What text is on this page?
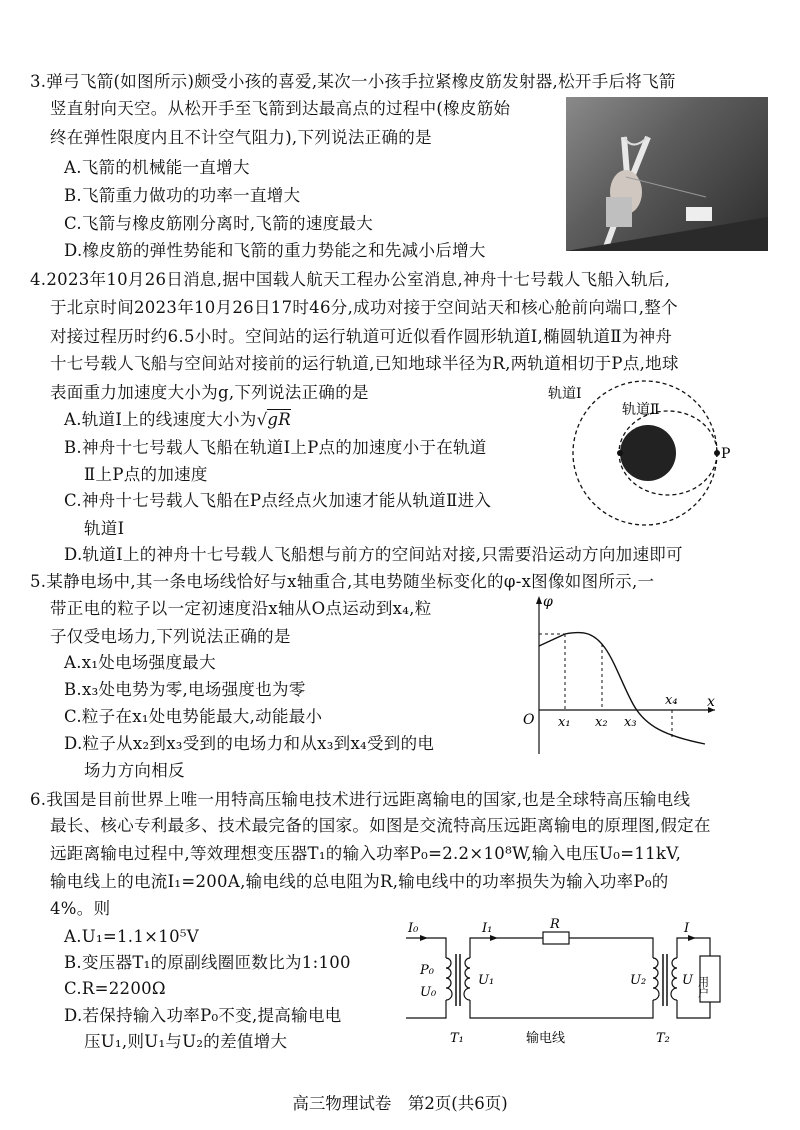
3.弹弓飞箭(如图所示)颇受小孩的喜爱,某次一小孩手拉紧橡皮筋发射器,松开手后将飞箭
竖直射向天空。从松开手至飞箭到达最高点的过程中(橡皮筋始
终在弹性限度内且不计空气阻力),下列说法正确的是
A.飞箭的机械能一直增大
B.飞箭重力做功的功率一直增大
C.飞箭与橡皮筋刚分离时,飞箭的速度最大
D.橡皮筋的弹性势能和飞箭的重力势能之和先减小后增大
4.2023年10月26日消息,据中国载人航天工程办公室消息,神舟十七号载人飞船入轨后,
于北京时间2023年10月26日17时46分,成功对接于空间站天和核心舱前向端口,整个
对接过程历时约6.5小时。空间站的运行轨道可近似看作圆形轨道Ⅰ,椭圆轨道Ⅱ为神舟
十七号载人飞船与空间站对接前的运行轨道,已知地球半径为R,两轨道相切于P点,地球
表面重力加速度大小为g,下列说法正确的是
A.轨道Ⅰ上的线速度大小为√gR
B.神舟十七号载人飞船在轨道Ⅰ上P点的加速度小于在轨道
Ⅱ上P点的加速度
C.神舟十七号载人飞船在P点经点火加速才能从轨道Ⅱ进入
轨道Ⅰ
D.轨道Ⅰ上的神舟十七号载人飞船想与前方的空间站对接,只需要沿运动方向加速即可
轨道Ⅰ
轨道Ⅱ
P
5.某静电场中,其一条电场线恰好与x轴重合,其电势随坐标变化的φ-x图像如图所示,一
带正电的粒子以一定初速度沿x轴从O点运动到x₄,粒
子仅受电场力,下列说法正确的是
A.x₁处电场强度最大
B.x₃处电势为零,电场强度也为零
C.粒子在x₁处电势能最大,动能最小
D.粒子从x₂到x₃受到的电场力和从x₃到x₄受到的电
场力方向相反
x
φ
O x₁ x₂ x₃
x₄
6.我国是目前世界上唯一用特高压输电技术进行远距离输电的国家,也是全球特高压输电线
最长、核心专利最多、技术最完备的国家。如图是交流特高压远距离输电的原理图,假定在
远距离输电过程中,等效理想变压器T₁的输入功率P₀=2.2×10⁸W,输入电压U₀=11kV,
输电线上的电流I₁=200A,输电线的总电阻为R,输电线中的功率损失为输入功率P₀的
4%。则
A.U₁=1.1×10⁵V
B.变压器T₁的原副线圈匝数比为1:100
C.R=2200Ω
D.若保持输入功率P₀不变,提高输电电
压U₁,则U₁与U₂的差值增大
I₀	I₁	R	I
P₀
U₀
U₁	U₂	U 用户
T₁	输电线	T₂
高三物理试卷　第2页(共6页)
